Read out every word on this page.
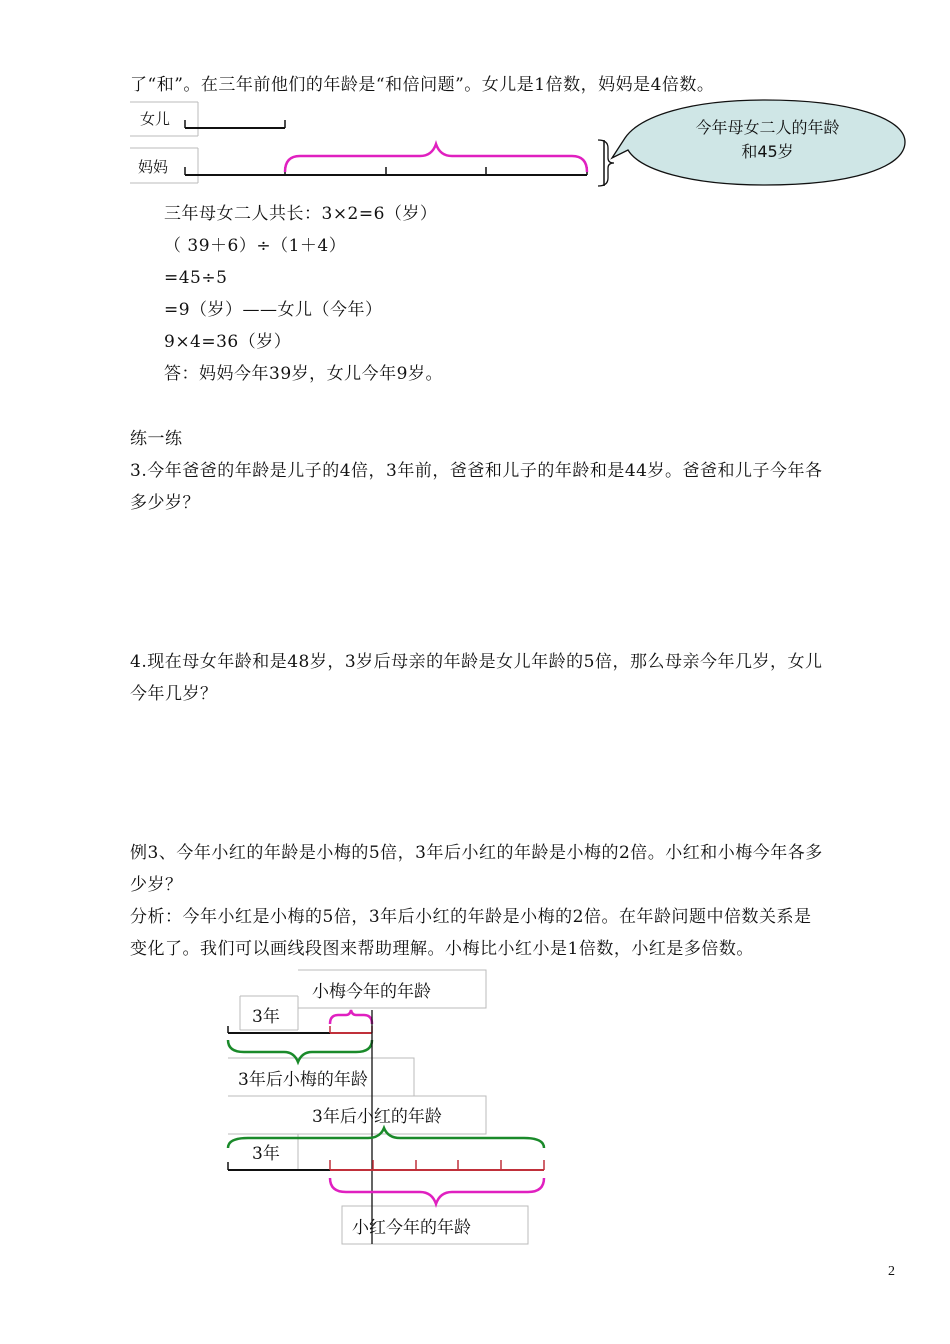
了“和”。在三年前他们的年龄是“和倍问题”。女儿是1倍数，妈妈是4倍数。
女儿
妈妈
今年母女二人的年龄
和45岁
三年母女二人共长：3×2=6（岁）
（ 39＋6）÷（1＋4）
=45÷5
=9（岁）——女儿（今年）
9×4=36（岁）
答：妈妈今年39岁，女儿今年9岁。
练一练
3.今年爸爸的年龄是儿子的4倍，3年前，爸爸和儿子的年龄和是44岁。爸爸和儿子今年各
多少岁？
4.现在母女年龄和是48岁，3岁后母亲的年龄是女儿年龄的5倍，那么母亲今年几岁，女儿
今年几岁？
例3、今年小红的年龄是小梅的5倍，3年后小红的年龄是小梅的2倍。小红和小梅今年各多
少岁？
分析：今年小红是小梅的5倍，3年后小红的年龄是小梅的2倍。在年龄问题中倍数关系是
变化了。我们可以画线段图来帮助理解。小梅比小红小是1倍数，小红是多倍数。
小梅今年的年龄
3年
3年后小梅的年龄
3年后小红的年龄
3年
小红今年的年龄
2
